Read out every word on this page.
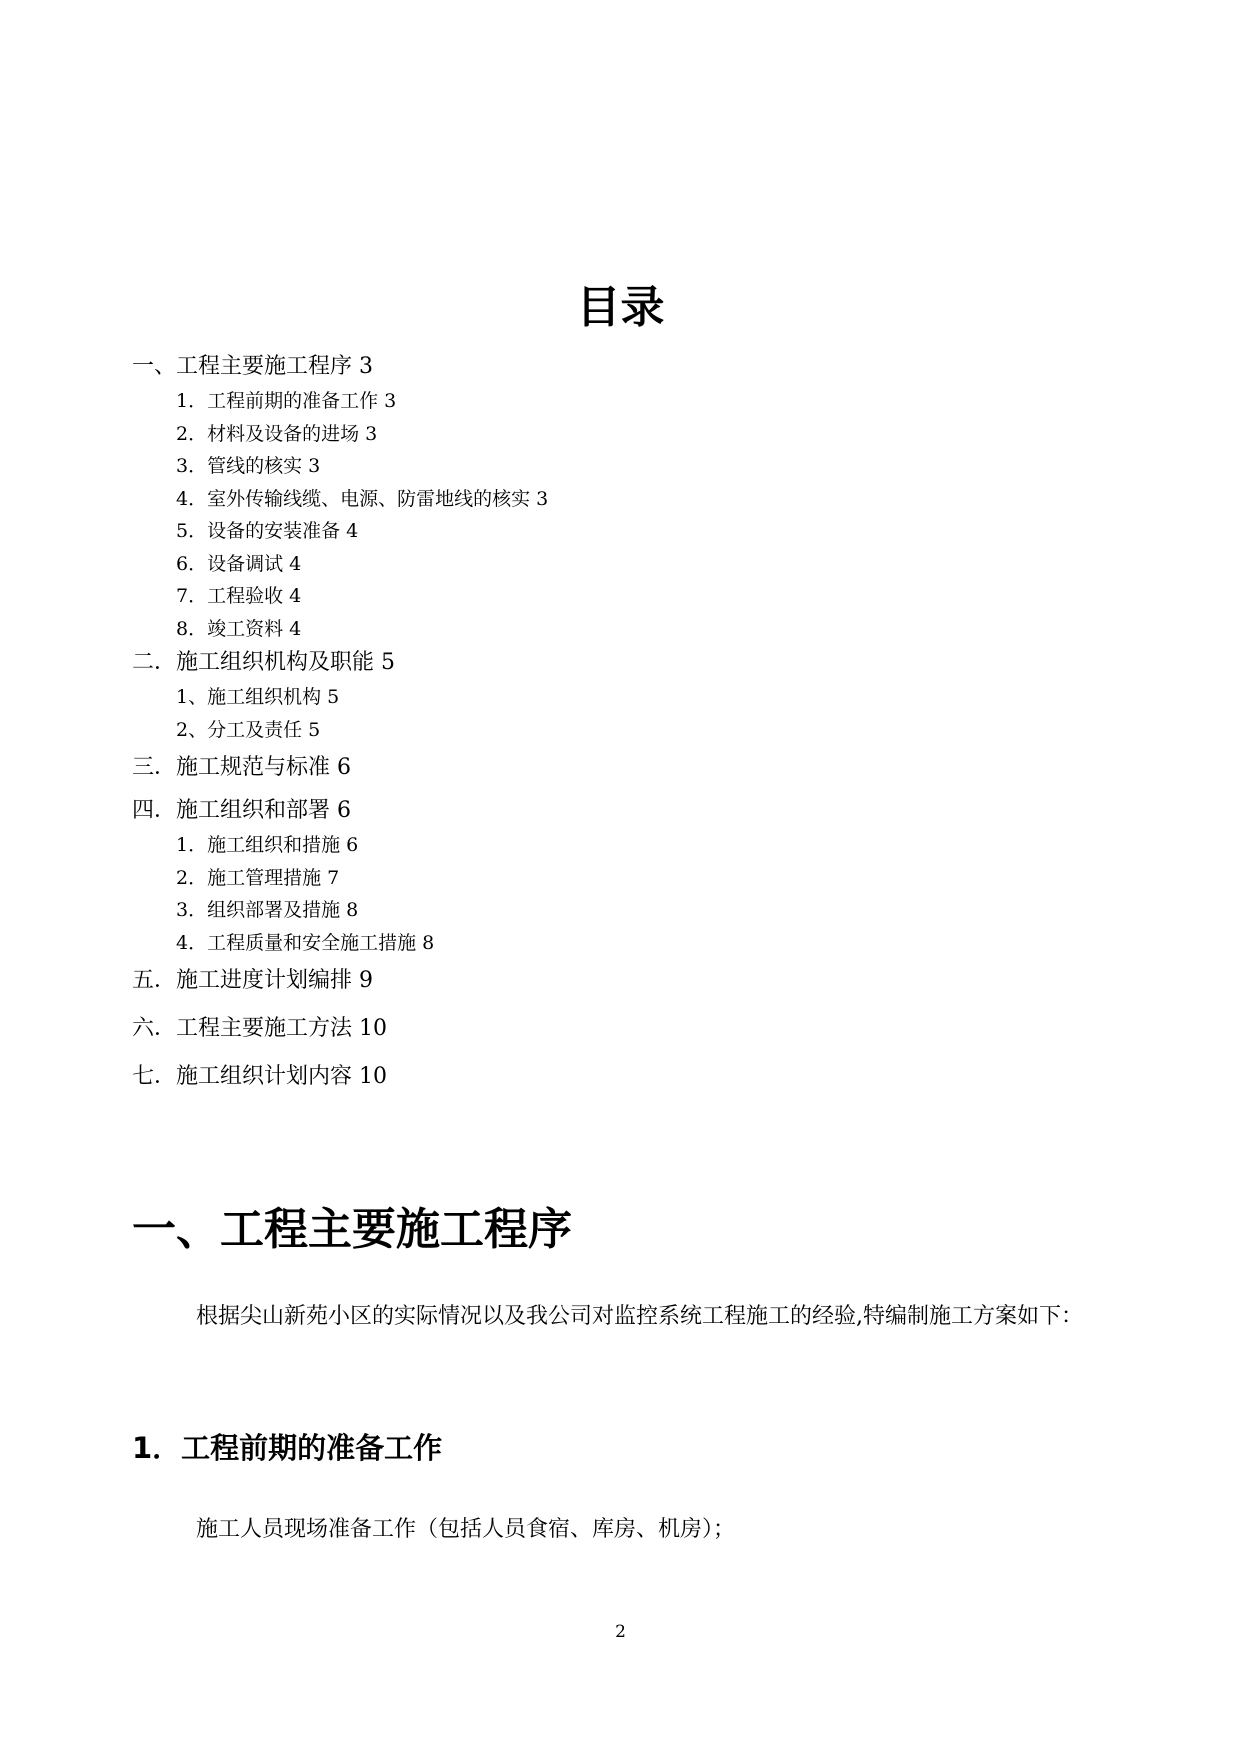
目录
一、工程主要施工程序 3
1．工程前期的准备工作 3
2．材料及设备的进场 3
3．管线的核实 3
4．室外传输线缆、电源、防雷地线的核实 3
5．设备的安装准备 4
6．设备调试 4
7．工程验收 4
8．竣工资料 4
二．施工组织机构及职能 5
1、施工组织机构 5
2、分工及责任 5
三．施工规范与标准 6
四．施工组织和部署 6
1．施工组织和措施 6
2．施工管理措施 7
3．组织部署及措施 8
4．工程质量和安全施工措施 8
五．施工进度计划编排 9
六．工程主要施工方法 10
七．施工组织计划内容 10
一、工程主要施工程序
根据尖山新苑小区的实际情况以及我公司对监控系统工程施工的经验,特编制施工方案如下：
1．工程前期的准备工作
施工人员现场准备工作（包括人员食宿、库房、机房）；
2
